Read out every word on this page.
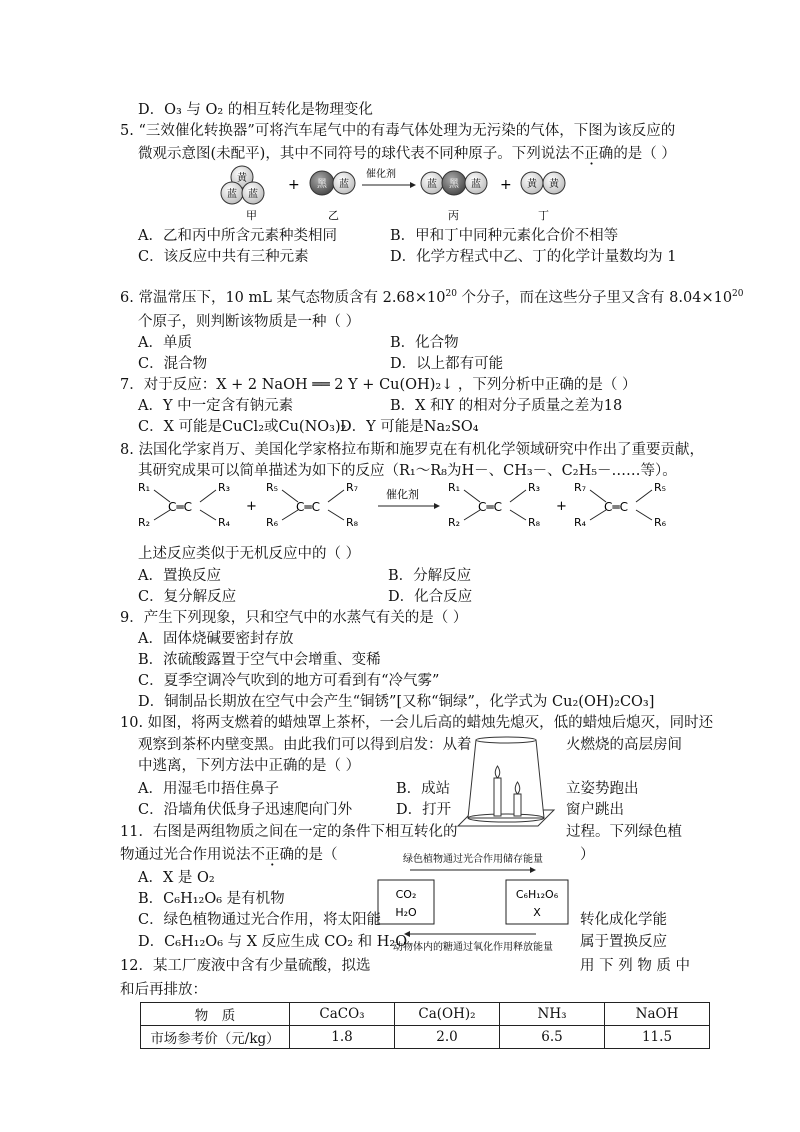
D．O₃ 与 O₂ 的相互转化是物理变化
5. “三效催化转换器”可将汽车尾气中的有毒气体处理为无污染的气体，下图为该反应的
微观示意图(未配平)，其中不同符号的球代表不同种原子。下列说法不正确的是（ ）
黄
蓝 蓝
+ 黑 蓝
催化剂
蓝 黑 蓝 + 黄 黄
甲	乙	丙	丁
A．乙和丙中所含元素种类相同	B．甲和丁中同种元素化合价不相等
C．该反应中共有三种元素	D．化学方程式中乙、丁的化学计量数均为 1
6. 常温常压下，10 mL 某气态物质含有 $2.68\times 10^{20}$ 个分子，而在这些分子里又含有 $8.04\times 10^{20}$
个原子，则判断该物质是一种（ ）
A．单质	B．化合物
C．混合物	D．以上都有可能
7．对于反应：X + 2 NaOH ══ 2 Y + Cu(OH)₂↓ ，下列分析中正确的是（ ）
A．Y 中一定含有钠元素	B．X 和Y 的相对分子质量之差为18
C．X 可能是CuCl₂或Cu(NO₃)₂
D．Y 可能是Na₂SO₄
8. 法国化学家肖万、美国化学家格拉布斯和施罗克在有机化学领域研究中作出了重要贡献，
其研究成果可以简单描述为如下的反应（R₁～R₈为H－、CH₃－、C₂H₅－……等）。
R₁
R₂
C═C
R₃
R₄
+
R₅
R₆
C═C
R₇
R₈
催化剂
R₁
R₂
C═C
R₃
R₈
+
R₇
R₄
C═C
R₅
R₆
上述反应类似于无机反应中的（ ）
A．置换反应	B．分解反应
C．复分解反应	D．化合反应
9．产生下列现象，只和空气中的水蒸气有关的是（ ）
A．固体烧碱要密封存放
B．浓硫酸露置于空气中会增重、变稀
C．夏季空调冷气吹到的地方可看到有“冷气雾”
D．铜制品长期放在空气中会产生“铜锈”[又称“铜绿”，化学式为 Cu₂(OH)₂CO₃]
10. 如图，将两支燃着的蜡烛罩上茶杯，一会儿后高的蜡烛先熄灭，低的蜡烛后熄灭，同时还
观察到茶杯内壁变黑。由此我们可以得到启发：从着	火燃烧的高层房间
中逃离，下列方法中正确的是（ ）
A．用湿毛巾捂住鼻子	B．成站	立姿势跑出
C．沿墙角伏低身子迅速爬向门外	D．打开	窗户跳出
11．右图是两组物质之间在一定的条件下相互转化的	过程。下列绿色植
物通过光合作用说法不正确的是（	）
绿色植物通过光合作用储存能量
CO₂
H₂O
C₆H₁₂O₆
X
动物体内的糖通过氧化作用释放能量
A．X 是 O₂
B．C₆H₁₂O₆ 是有机物
C．绿色植物通过光合作用，将太阳能	转化成化学能
D．C₆H₁₂O₆ 与 X 反应生成 CO₂ 和 H₂O	属于置换反应
12．某工厂废液中含有少量硫酸，拟选	用 下 列 物 质 中
和后再排放：
物　质	CaCO₃	Ca(OH)₂	NH₃	NaOH
市场参考价（元/kg）	1.8	2.0	6.5	11.5
